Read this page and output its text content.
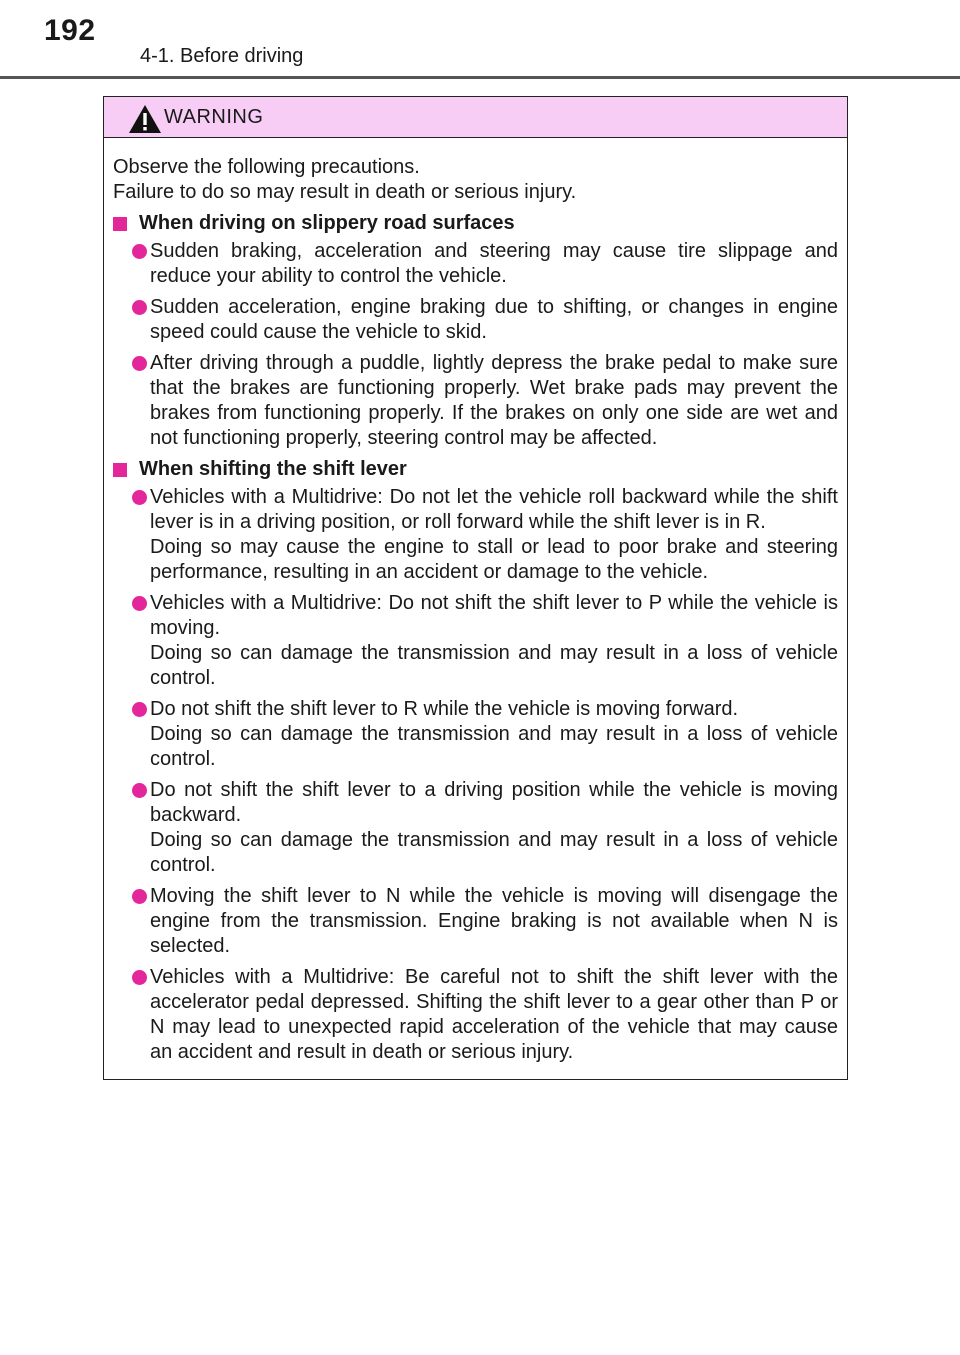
192
4-1. Before driving
WARNING
Observe the following precautions.
Failure to do so may result in death or serious injury.
When driving on slippery road surfaces
Sudden braking, acceleration and steering may cause tire slippage and reduce your ability to control the vehicle.
Sudden acceleration, engine braking due to shifting, or changes in engine speed could cause the vehicle to skid.
After driving through a puddle, lightly depress the brake pedal to make sure that the brakes are functioning properly. Wet brake pads may prevent the brakes from functioning properly. If the brakes on only one side are wet and not functioning properly, steering control may be affected.
When shifting the shift lever
Vehicles with a Multidrive: Do not let the vehicle roll backward while the shift lever is in a driving position, or roll forward while the shift lever is in R.
Doing so may cause the engine to stall or lead to poor brake and steering performance, resulting in an accident or damage to the vehicle.
Vehicles with a Multidrive: Do not shift the shift lever to P while the vehicle is moving.
Doing so can damage the transmission and may result in a loss of vehicle control.
Do not shift the shift lever to R while the vehicle is moving forward.
Doing so can damage the transmission and may result in a loss of vehicle control.
Do not shift the shift lever to a driving position while the vehicle is moving backward.
Doing so can damage the transmission and may result in a loss of vehicle control.
Moving the shift lever to N while the vehicle is moving will disengage the engine from the transmission. Engine braking is not available when N is selected.
Vehicles with a Multidrive: Be careful not to shift the shift lever with the accelerator pedal depressed. Shifting the shift lever to a gear other than P or N may lead to unexpected rapid acceleration of the vehicle that may cause an accident and result in death or serious injury.
